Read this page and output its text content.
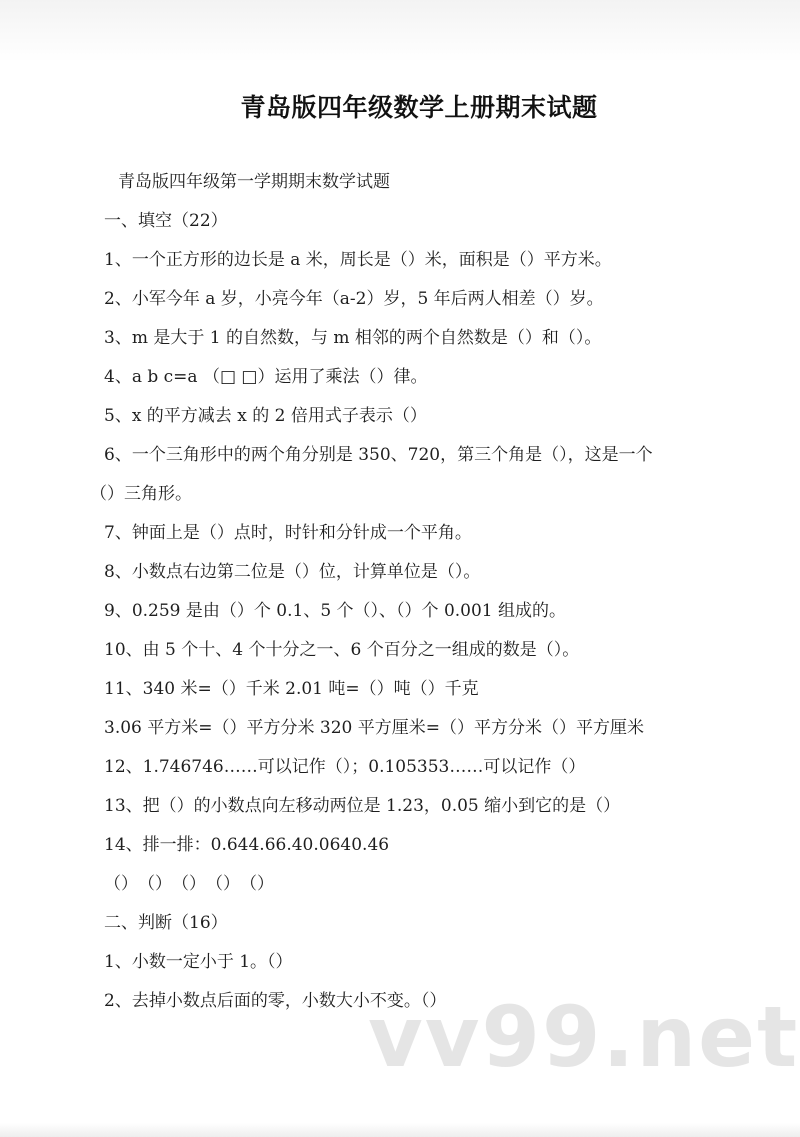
青岛版四年级数学上册期末试题
青岛版四年级第一学期期末数学试题
一、填空（22）
1、一个正方形的边长是 a 米，周长是（）米，面积是（）平方米。
2、小军今年 a 岁，小亮今年（a-2）岁，5 年后两人相差（）岁。
3、m 是大于 1 的自然数，与 m 相邻的两个自然数是（）和（）。
4、a b c=a （□ □）运用了乘法（）律。
5、x 的平方减去 x 的 2 倍用式子表示（）
6、一个三角形中的两个角分别是 350、720，第三个角是（），这是一个
（）三角形。
7、钟面上是（）点时，时针和分针成一个平角。
8、小数点右边第二位是（）位，计算单位是（）。
9、0.259 是由（）个 0.1、5 个（）、（）个 0.001 组成的。
10、由 5 个十、4 个十分之一、6 个百分之一组成的数是（）。
11、340 米=（）千米 2.01 吨=（）吨（）千克
3.06 平方米=（）平方分米 320 平方厘米=（）平方分米（）平方厘米
12、1.746746……可以记作（）；0.105353……可以记作（）
13、把（）的小数点向左移动两位是 1.23，0.05 缩小到它的是（）
14、排一排：0.644.66.40.0640.46
（）　（）　（）　（）　（）
二、判断（16）
1、小数一定小于 1。（）
2、去掉小数点后面的零，小数大小不变。（）
vv99.net
